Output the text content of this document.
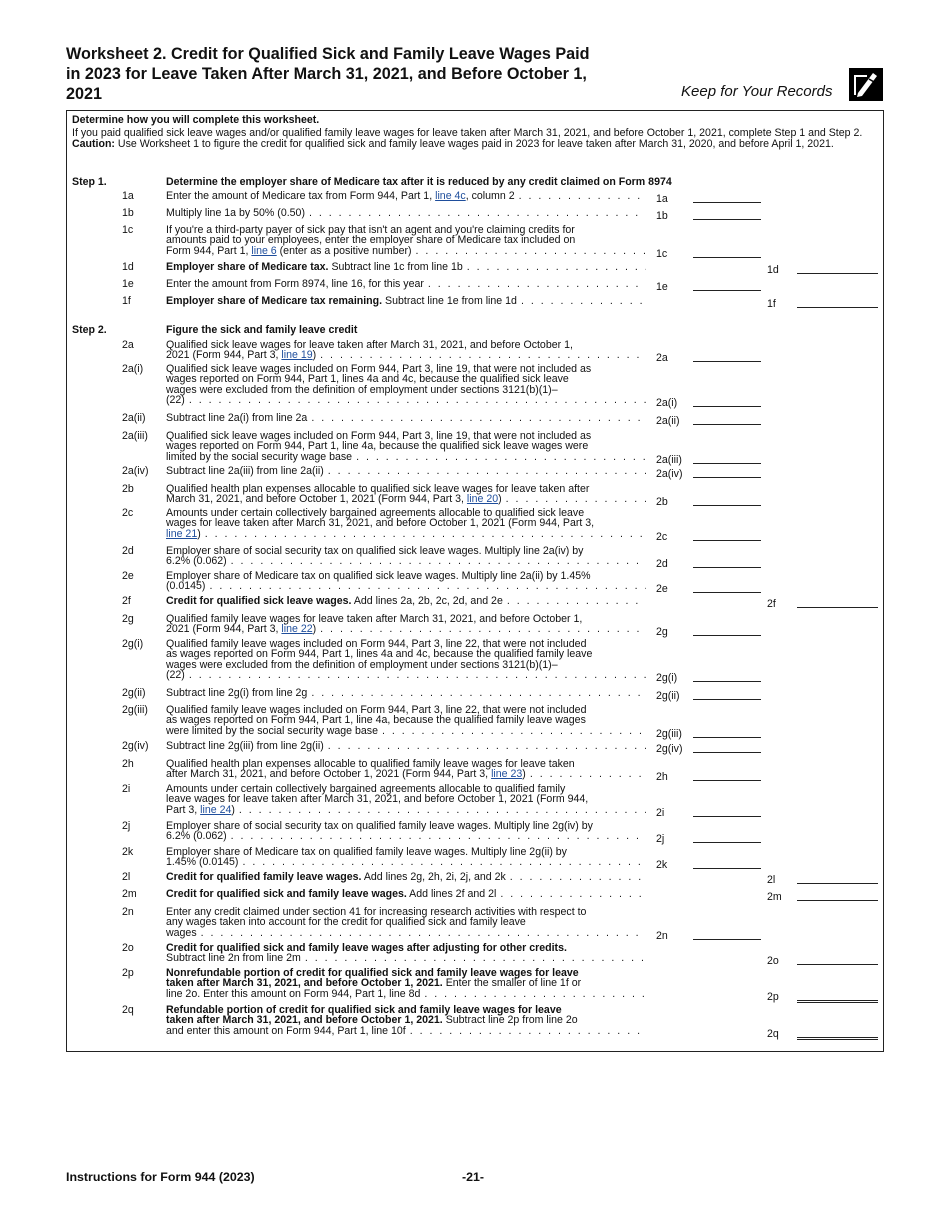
Worksheet 2. Credit for Qualified Sick and Family Leave Wages Paid
in 2023 for Leave Taken After March 31, 2021, and Before October 1,
2021	Keep for Your Records
Determine how you will complete this worksheet.
If you paid qualified sick leave wages and/or qualified family leave wages for leave taken after March 31, 2021, and before October 1, 2021, complete Step 1 and Step 2. Caution: Use Worksheet 1 to figure the credit for qualified sick and family leave wages paid in 2023 for leave taken after March 31, 2020, and before April 1, 2021.
Step 1.	Determine the employer share of Medicare tax after it is reduced by any credit claimed on Form 8974
Step 2.	Figure the sick and family leave credit
1a	Enter the amount of Medicare tax from Form 944, Part 1, line 4c , column 2 . . .	1a
1b	Multiply line 1a by 50% (0.50) . . .	1b
1c	If you're a third-party payer of sick pay that isn't an agent and you're claiming credits for
amounts paid to your employees, enter the employer share of Medicare tax included on
Form 944, Part 1, line 6 (enter as a positive number) . . .	1c
1d	Employer share of Medicare tax. Subtract line 1c from line 1b . . .	1d
1e	Enter the amount from Form 8974, line 16, for this year . . .	1e
1f	Employer share of Medicare tax remaining. Subtract line 1e from line 1d . . .	1f
2a	Qualified sick leave wages for leave taken after March 31, 2021, and before October 1,
2021 (Form 944, Part 3, line 19 ) . . .	2a
2a(i) Qualified sick leave wages included on Form 944, Part 3, line 19, that were not included as
wages reported on Form 944, Part 1, lines 4a and 4c, because the qualified sick leave
wages were excluded from the definition of employment under sections 3121(b)(1)–
(22) . . .	2a(i)
2a(ii) Subtract line 2a(i) from line 2a . . .	2a(ii)
2a(iii) Qualified sick leave wages included on Form 944, Part 3, line 19, that were not included as
wages reported on Form 944, Part 1, line 4a, because the qualified sick leave wages were
limited by the social security wage base . . .	2a(iii)
2a(iv) Subtract line 2a(iii) from line 2a(ii) . . .	2a(iv)
2b	Qualified health plan expenses allocable to qualified sick leave wages for leave taken after
March 31, 2021, and before October 1, 2021 (Form 944, Part 3, line 20 ) . . .	2b
2c	Amounts under certain collectively bargained agreements allocable to qualified sick leave
wages for leave taken after March 31, 2021, and before October 1, 2021 (Form 944, Part 3,
line 21 ) . . .	2c
2d	Employer share of social security tax on qualified sick leave wages. Multiply line 2a(iv) by
6.2% (0.062) . . .	2d
2e	Employer share of Medicare tax on qualified sick leave wages. Multiply line 2a(ii) by 1.45%
(0.0145) . . .	2e
2f	Credit for qualified sick leave wages. Add lines 2a, 2b, 2c, 2d, and 2e . . .	2f
2g	Qualified family leave wages for leave taken after March 31, 2021, and before October 1,
2021 (Form 944, Part 3, line 22 ) . . .	2g
2g(i) Qualified family leave wages included on Form 944, Part 3, line 22, that were not included
as wages reported on Form 944, Part 1, lines 4a and 4c, because the qualified family leave
wages were excluded from the definition of employment under sections 3121(b)(1)–
(22) . . .	2g(i)
2g(ii) Subtract line 2g(i) from line 2g . . .	2g(ii)
2g(iii) Qualified family leave wages included on Form 944, Part 3, line 22, that were not included
as wages reported on Form 944, Part 1, line 4a, because the qualified family leave wages
were limited by the social security wage base . . .	2g(iii)
2g(iv) Subtract line 2g(iii) from line 2g(ii) . . .	2g(iv)
2h	Qualified health plan expenses allocable to qualified family leave wages for leave taken
after March 31, 2021, and before October 1, 2021 (Form 944, Part 3, line 23 ) . . .	2h
2i	Amounts under certain collectively bargained agreements allocable to qualified family
leave wages for leave taken after March 31, 2021, and before October 1, 2021 (Form 944,
Part 3, line 24 ) . . .	2i
2j	Employer share of social security tax on qualified family leave wages. Multiply line 2g(iv) by
6.2% (0.062) . . .	2j
2k	Employer share of Medicare tax on qualified family leave wages. Multiply line 2g(ii) by
1.45% (0.0145) . . .	2k
2l	Credit for qualified family leave wages. Add lines 2g, 2h, 2i, 2j, and 2k . . .	2l
2m	Credit for qualified sick and family leave wages. Add lines 2f and 2l . . .	2m
2n	Enter any credit claimed under section 41 for increasing research activities with respect to
any wages taken into account for the credit for qualified sick and family leave
wages . . .	2n
2o	Credit for qualified sick and family leave wages after adjusting for other credits.
Subtract line 2n from line 2m . . .	2o
2p	Nonrefundable portion of credit for qualified sick and family leave wages for leave
taken after March 31, 2021, and before October 1, 2021. Enter the smaller of line 1f or
line 2o. Enter this amount on Form 944, Part 1, line 8d . . .	2p
2q	Refundable portion of credit for qualified sick and family leave wages for leave
taken after March 31, 2021, and before October 1, 2021. Subtract line 2p from line 2o
and enter this amount on Form 944, Part 1, line 10f . . .	2q
Instructions for Form 944 (2023)	-21-
